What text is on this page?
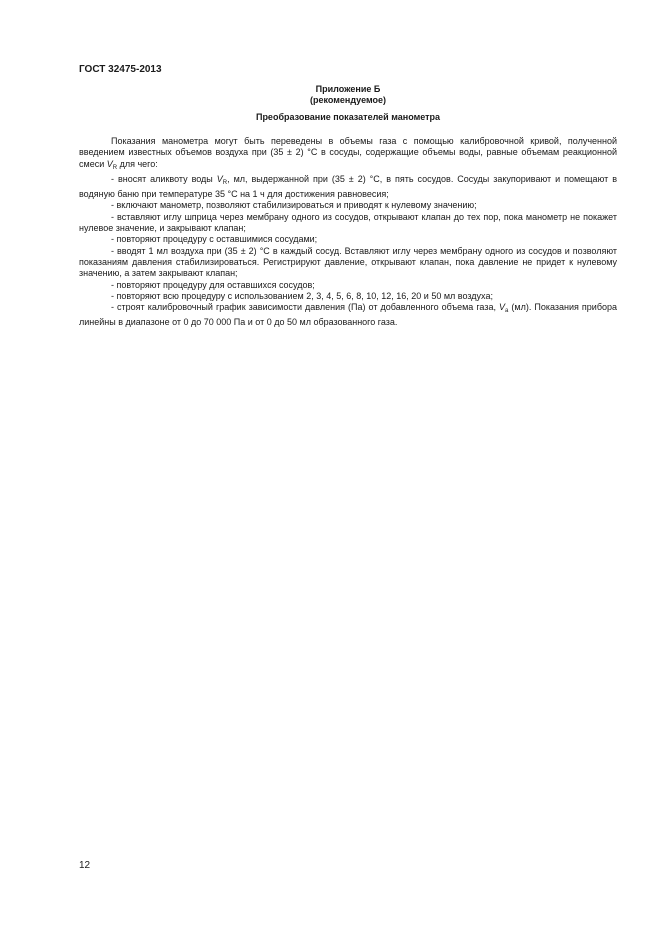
ГОСТ 32475-2013
Приложение Б
(рекомендуемое)
Преобразование показателей манометра

Показания манометра могут быть переведены в объемы газа с помощью калибровочной кривой, полученной введением известных объемов воздуха при (35 ± 2) °С в сосуды, содержащие объемы воды, равные объемам реакционной смеси $V_R$ для чего:

- вносят аликвоту воды $V_R$, мл, выдержанной при (35 ± 2) °С, в пять сосудов. Сосуды закупоривают и помещают в водяную баню при температуре 35 °С на 1 ч для достижения равновесия;

- включают манометр, позволяют стабилизироваться и приводят к нулевому значению;

- вставляют иглу шприца через мембрану одного из сосудов, открывают клапан до тех пор, пока манометр не покажет нулевое значение, и закрывают клапан;

- повторяют процедуру с оставшимися сосудами;

- вводят 1 мл воздуха при (35 ± 2) °С в каждый сосуд. Вставляют иглу через мембрану одного из сосудов и позволяют показаниям давления стабилизироваться. Регистрируют давление, открывают клапан, пока давление не придет к нулевому значению, а затем закрывают клапан;

- повторяют процедуру для оставшихся сосудов;

- повторяют всю процедуру с использованием 2, 3, 4, 5, 6, 8, 10, 12, 16, 20 и 50 мл воздуха;

- строят калибровочный график зависимости давления (Па) от добавленного объема газа, $V_a$ (мл). Показания прибора линейны в диапазоне от 0 до 70 000 Па и от 0 до 50 мл образованного газа.

12
